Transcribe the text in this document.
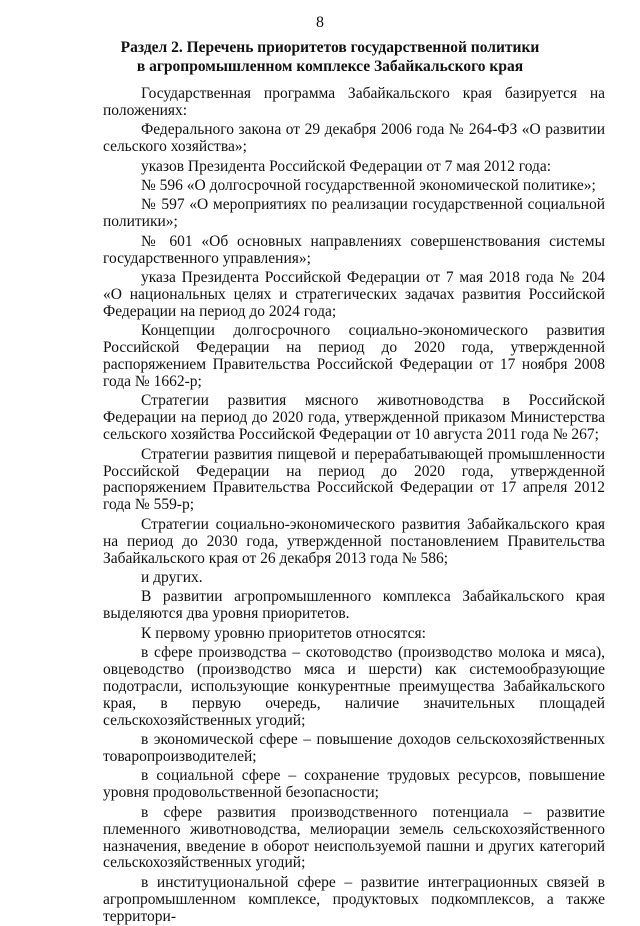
8
Раздел 2. Перечень приоритетов государственной политики
в агропромышленном комплексе Забайкальского края

Государственная программа Забайкальского края базируется на положениях:

Федерального закона от 29 декабря 2006 года № 264-ФЗ «О развитии сельского хозяйства»;

указов Президента Российской Федерации от 7 мая 2012 года:

№ 596 «О долгосрочной государственной экономической политике»;

№ 597 «О мероприятиях по реализации государственной социальной политики»;

№ 601 «Об основных направлениях совершенствования системы государственного управления»;

указа Президента Российской Федерации от 7 мая 2018 года № 204 «О национальных целях и стратегических задачах развития Российской Федерации на период до 2024 года;

Концепции долгосрочного социально-экономического развития Российской Федерации на период до 2020 года, утвержденной распоряжением Правительства Российской Федерации от 17 ноября 2008 года № 1662-р;

Стратегии развития мясного животноводства в Российской Федерации на период до 2020 года, утвержденной приказом Министерства сельского хозяйства Российской Федерации от 10 августа 2011 года № 267;

Стратегии развития пищевой и перерабатывающей промышленности Российской Федерации на период до 2020 года, утвержденной распоряжением Правительства Российской Федерации от 17 апреля 2012 года № 559-р;

Стратегии социально-экономического развития Забайкальского края на период до 2030 года, утвержденной постановлением Правительства Забайкальского края от 26 декабря 2013 года № 586;

и других.

В развитии агропромышленного комплекса Забайкальского края выделяются два уровня приоритетов.

К первому уровню приоритетов относятся:

в сфере производства – скотоводство (производство молока и мяса), овцеводство (производство мяса и шерсти) как системообразующие подотрасли, использующие конкурентные преимущества Забайкальского края, в первую очередь, наличие значительных площадей сельскохозяйственных угодий;

в экономической сфере – повышение доходов сельскохозяйственных товаропроизводителей;

в социальной сфере – сохранение трудовых ресурсов, повышение уровня продовольственной безопасности;

в сфере развития производственного потенциала – развитие племенного животноводства, мелиорации земель сельскохозяйственного назначения, введение в оборот неиспользуемой пашни и других категорий сельскохозяйственных угодий;

в институциональной сфере – развитие интеграционных связей в агропромышленном комплексе, продуктовых подкомплексов, а также территори-
